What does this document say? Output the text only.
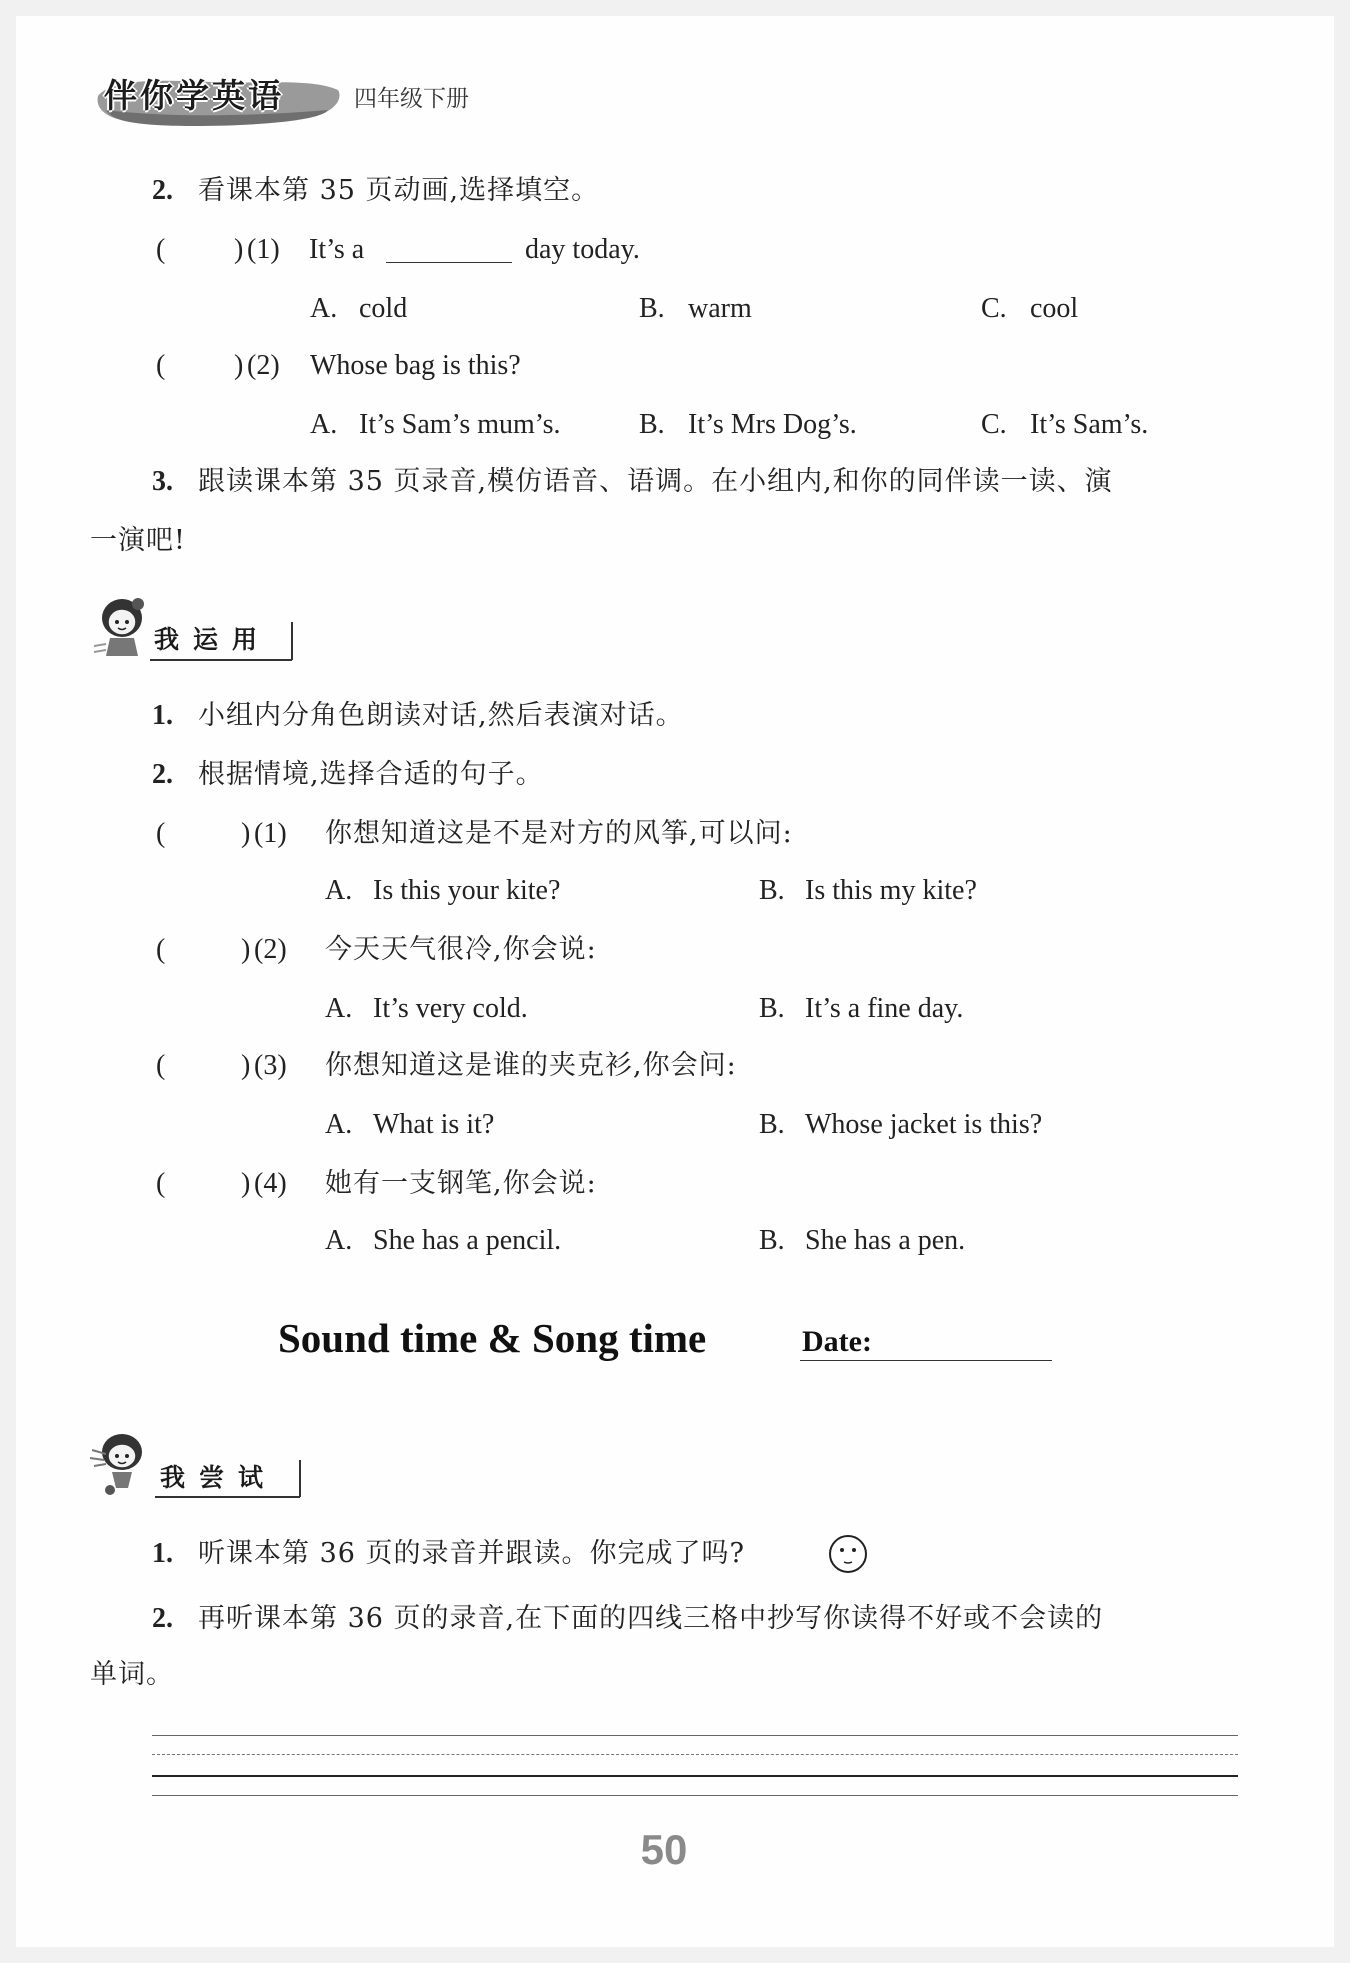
伴你学英语	四年级下册
2. 看课本第 35 页动画,选择填空。
( ) (1) It’s a	day today.
A. cold	B. warm	C. cool
( ) (2) Whose bag is this?
A. It’s Sam’s mum’s.	B. It’s Mrs Dog’s.	C. It’s Sam’s.
3. 跟读课本第 35 页录音,模仿语音、语调。在小组内,和你的同伴读一读、演
一演吧!
我运用
1. 小组内分角色朗读对话,然后表演对话。
2. 根据情境,选择合适的句子。
(	) (1) 你想知道这是不是对方的风筝,可以问:
A. Is this your kite?	B. Is this my kite?
(	) (2) 今天天气很冷,你会说:
A. It’s very cold.	B. It’s a fine day.
(	) (3) 你想知道这是谁的夹克衫,你会问:
A. What is it?	B. Whose jacket is this?
(	) (4) 她有一支钢笔,你会说:
A. She has a pencil.	B. She has a pen.
Sound time & Song time	Date:
我尝试
1. 听课本第 36 页的录音并跟读。你完成了吗?
2. 再听课本第 36 页的录音,在下面的四线三格中抄写你读得不好或不会读的
单词。
50
